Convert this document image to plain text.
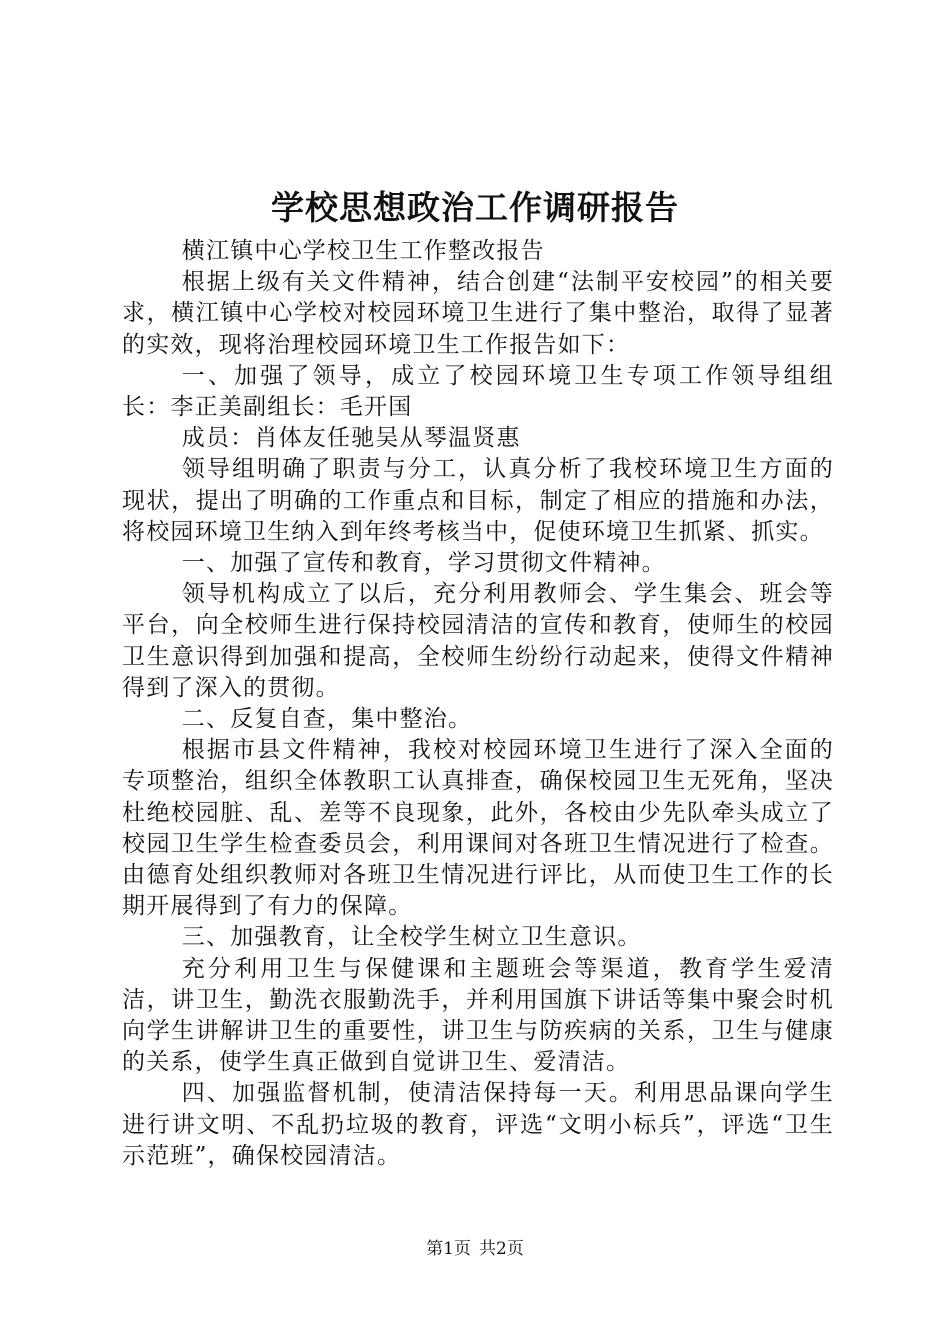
学校思想政治工作调研报告

横江镇中心学校卫生工作整改报告

根据上级有关文件精神，结合创建“法制平安校园”的相关要求，横江镇中心学校对校园环境卫生进行了集中整治，取得了显著的实效，现将治理校园环境卫生工作报告如下：

一、加强了领导，成立了校园环境卫生专项工作领导组组长：李正美副组长：毛开国

成员：肖体友任驰吴从琴温贤惠

领导组明确了职责与分工，认真分析了我校环境卫生方面的现状，提出了明确的工作重点和目标，制定了相应的措施和办法，将校园环境卫生纳入到年终考核当中，促使环境卫生抓紧、抓实。

一、加强了宣传和教育，学习贯彻文件精神。

领导机构成立了以后，充分利用教师会、学生集会、班会等平台，向全校师生进行保持校园清洁的宣传和教育，使师生的校园卫生意识得到加强和提高，全校师生纷纷行动起来，使得文件精神得到了深入的贯彻。

二、反复自查，集中整治。

根据市县文件精神，我校对校园环境卫生进行了深入全面的专项整治，组织全体教职工认真排查，确保校园卫生无死角，坚决杜绝校园脏、乱、差等不良现象，此外，各校由少先队牵头成立了校园卫生学生检查委员会，利用课间对各班卫生情况进行了检查。由德育处组织教师对各班卫生情况进行评比，从而使卫生工作的长期开展得到了有力的保障。

三、加强教育，让全校学生树立卫生意识。

充分利用卫生与保健课和主题班会等渠道，教育学生爱清洁，讲卫生，勤洗衣服勤洗手，并利用国旗下讲话等集中聚会时机向学生讲解讲卫生的重要性，讲卫生与防疾病的关系，卫生与健康的关系，使学生真正做到自觉讲卫生、爱清洁。

四、加强监督机制，使清洁保持每一天。利用思品课向学生进行讲文明、不乱扔垃圾的教育，评选“文明小标兵”，评选“卫生示范班”，确保校园清洁。

第1页 共2页
